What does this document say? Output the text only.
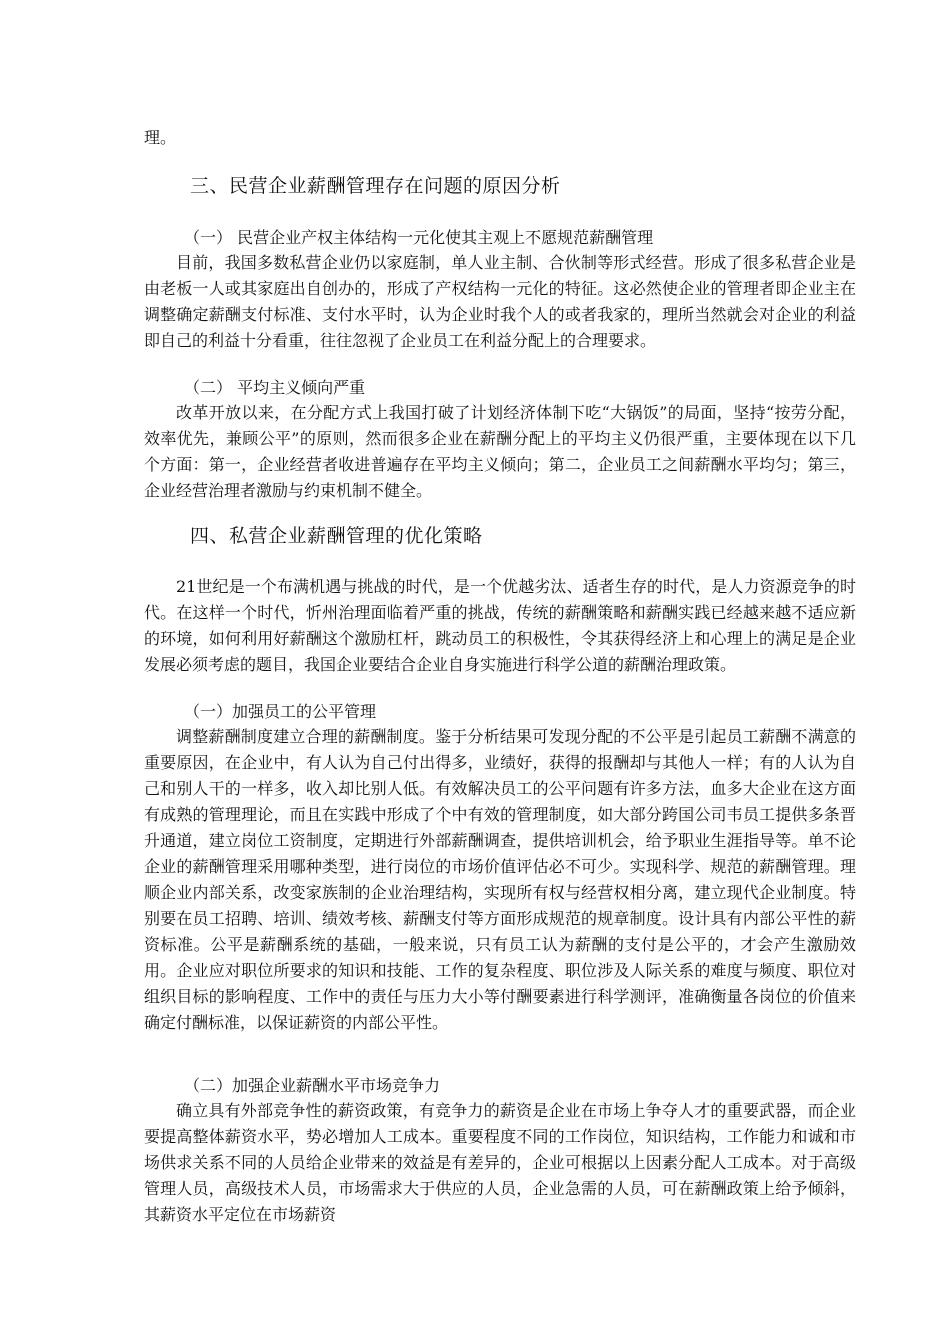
理。

三、民营企业薪酬管理存在问题的原因分析
（一） 民营企业产权主体结构一元化使其主观上不愿规范薪酬管理

目前，我国多数私营企业仍以家庭制，单人业主制、合伙制等形式经营。形成了很多私营企业是由老板一人或其家庭出自创办的，形成了产权结构一元化的特征。这必然使企业的管理者即企业主在调整确定薪酬支付标准、支付水平时，认为企业时我个人的或者我家的，理所当然就会对企业的利益即自己的利益十分看重，往往忽视了企业员工在利益分配上的合理要求。

（二） 平均主义倾向严重

改革开放以来，在分配方式上我国打破了计划经济体制下吃“大锅饭”的局面，坚持“按劳分配，效率优先，兼顾公平”的原则，然而很多企业在薪酬分配上的平均主义仍很严重，主要体现在以下几个方面：第一，企业经营者收进普遍存在平均主义倾向；第二，企业员工之间薪酬水平均匀；第三，企业经营治理者激励与约束机制不健全。

四、私营企业薪酬管理的优化策略

21世纪是一个布满机遇与挑战的时代，是一个优越劣汰、适者生存的时代，是人力资源竞争的时代。在这样一个时代，忻州治理面临着严重的挑战，传统的薪酬策略和薪酬实践已经越来越不适应新的环境，如何利用好薪酬这个激励杠杆，跳动员工的积极性，令其获得经济上和心理上的满足是企业发展必须考虑的题目，我国企业要结合企业自身实施进行科学公道的薪酬治理政策。

（一）加强员工的公平管理

调整薪酬制度建立合理的薪酬制度。鉴于分析结果可发现分配的不公平是引起员工薪酬不满意的重要原因，在企业中，有人认为自己付出得多，业绩好，获得的报酬却与其他人一样；有的人认为自己和别人干的一样多，收入却比别人低。有效解决员工的公平问题有许多方法，血多大企业在这方面有成熟的管理理论，而且在实践中形成了个中有效的管理制度，如大部分跨国公司韦员工提供多条晋升通道，建立岗位工资制度，定期进行外部薪酬调查，提供培训机会，给予职业生涯指导等。单不论企业的薪酬管理采用哪种类型，进行岗位的市场价值评估必不可少。实现科学、规范的薪酬管理。理顺企业内部关系，改变家族制的企业治理结构，实现所有权与经营权相分离，建立现代企业制度。特别要在员工招聘、培训、绩效考核、薪酬支付等方面形成规范的规章制度。设计具有内部公平性的薪资标准。公平是薪酬系统的基础，一般来说，只有员工认为薪酬的支付是公平的，才会产生激励效用。企业应对职位所要求的知识和技能、工作的复杂程度、职位涉及人际关系的难度与频度、职位对组织目标的影响程度、工作中的责任与压力大小等付酬要素进行科学测评，准确衡量各岗位的价值来确定付酬标准，以保证薪资的内部公平性。

（二）加强企业薪酬水平市场竞争力

确立具有外部竞争性的薪资政策，有竞争力的薪资是企业在市场上争夺人才的重要武器，而企业要提高整体薪资水平，势必增加人工成本。重要程度不同的工作岗位，知识结构，工作能力和诚和市场供求关系不同的人员给企业带来的效益是有差异的，企业可根据以上因素分配人工成本。对于高级管理人员，高级技术人员，市场需求大于供应的人员，企业急需的人员，可在薪酬政策上给予倾斜，其薪资水平定位在市场薪资
